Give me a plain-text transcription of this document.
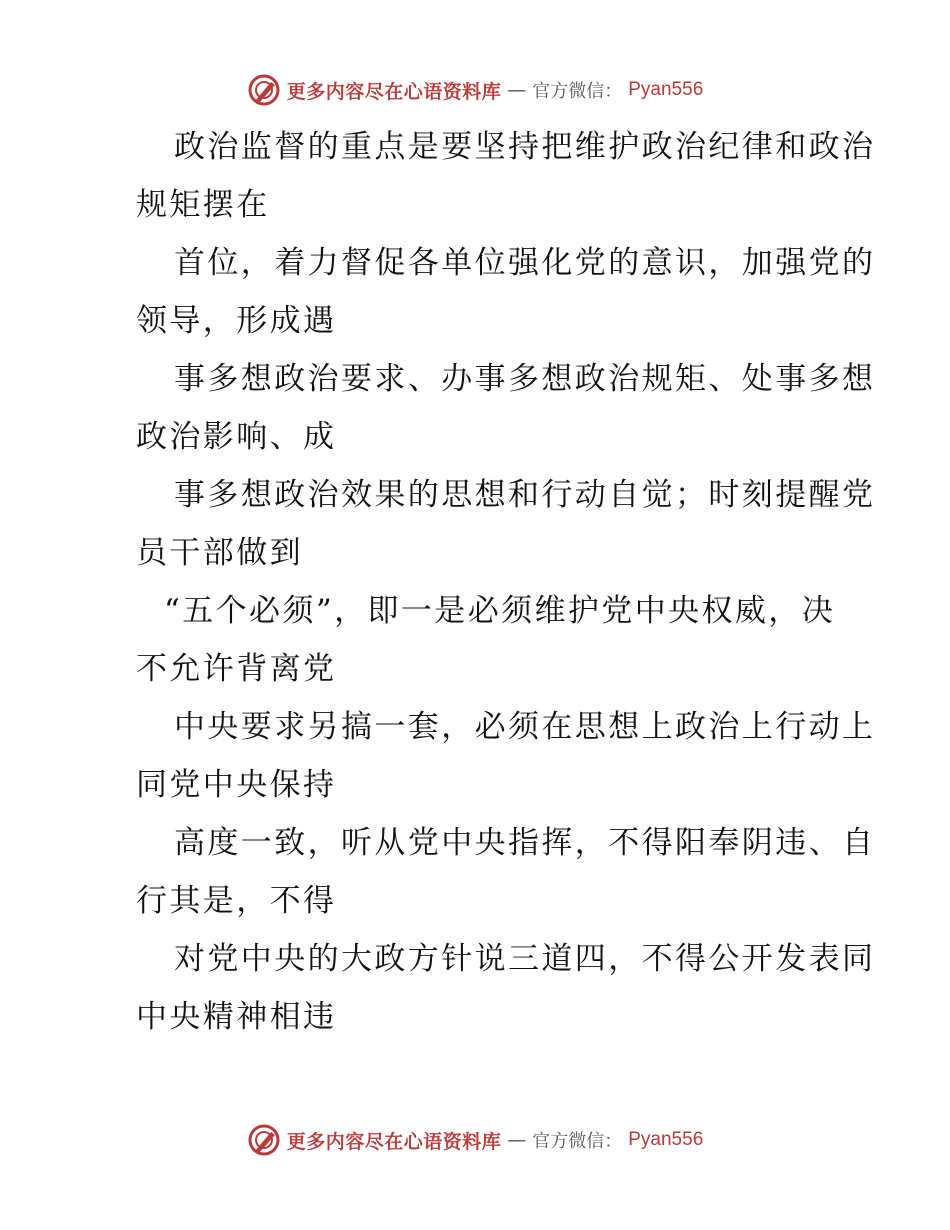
更多内容尽在心语资料库 — 官方微信： Pyan556
政治监督的重点是要坚持把维护政治纪律和政治
规矩摆在
首位，着力督促各单位强化党的意识，加强党的
领导，形成遇
事多想政治要求、办事多想政治规矩、处事多想
政治影响、成
事多想政治效果的思想和行动自觉；时刻提醒党
员干部做到
“五个必须”，即一是必须维护党中央权威，决
不允许背离党
中央要求另搞一套，必须在思想上政治上行动上
同党中央保持
高度一致，听从党中央指挥，不得阳奉阴违、自
行其是，不得
对党中央的大政方针说三道四，不得公开发表同
中央精神相违
更多内容尽在心语资料库 — 官方微信： Pyan556
